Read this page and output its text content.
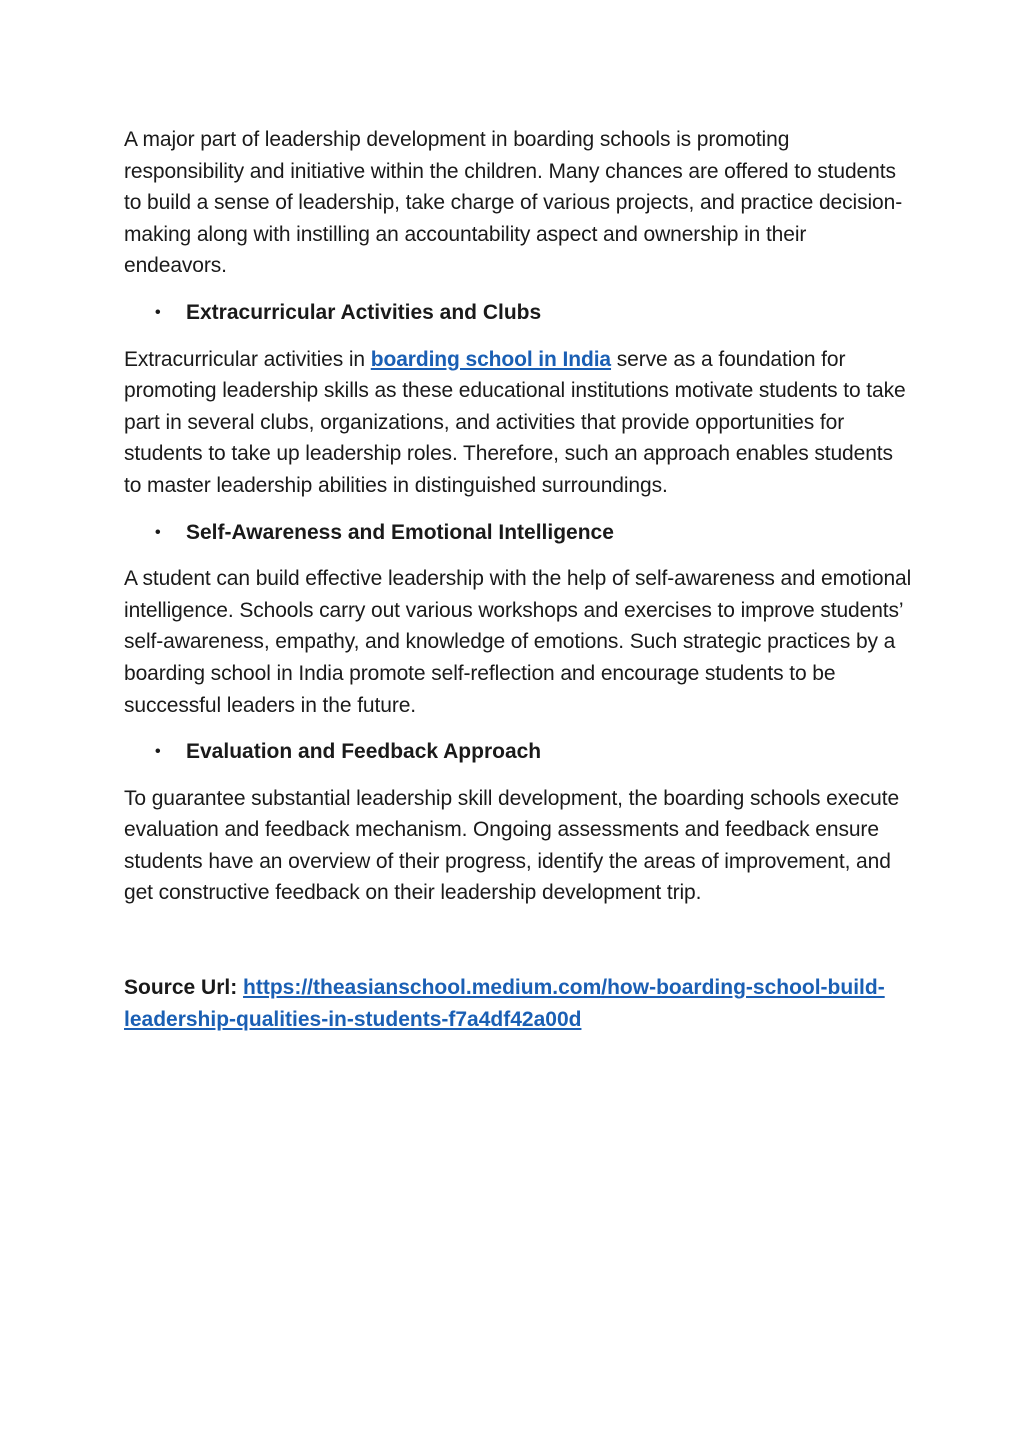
A major part of leadership development in boarding schools is promoting responsibility and initiative within the children. Many chances are offered to students to build a sense of leadership, take charge of various projects, and practice decision-making along with instilling an accountability aspect and ownership in their endeavors.

•	Extracurricular Activities and Clubs

Extracurricular activities in boarding school in India serve as a foundation for promoting leadership skills as these educational institutions motivate students to take part in several clubs, organizations, and activities that provide opportunities for students to take up leadership roles. Therefore, such an approach enables students to master leadership abilities in distinguished surroundings.

•	Self-Awareness and Emotional Intelligence

A student can build effective leadership with the help of self-awareness and emotional intelligence. Schools carry out various workshops and exercises to improve students’ self-awareness, empathy, and knowledge of emotions. Such strategic practices by a boarding school in India promote self-reflection and encourage students to be successful leaders in the future.

•	Evaluation and Feedback Approach

To guarantee substantial leadership skill development, the boarding schools execute evaluation and feedback mechanism. Ongoing assessments and feedback ensure students have an overview of their progress, identify the areas of improvement, and get constructive feedback on their leadership development trip.

Source Url: https://theasianschool.medium.com/how-boarding-school-build-leadership-qualities-in-students-f7a4df42a00d
